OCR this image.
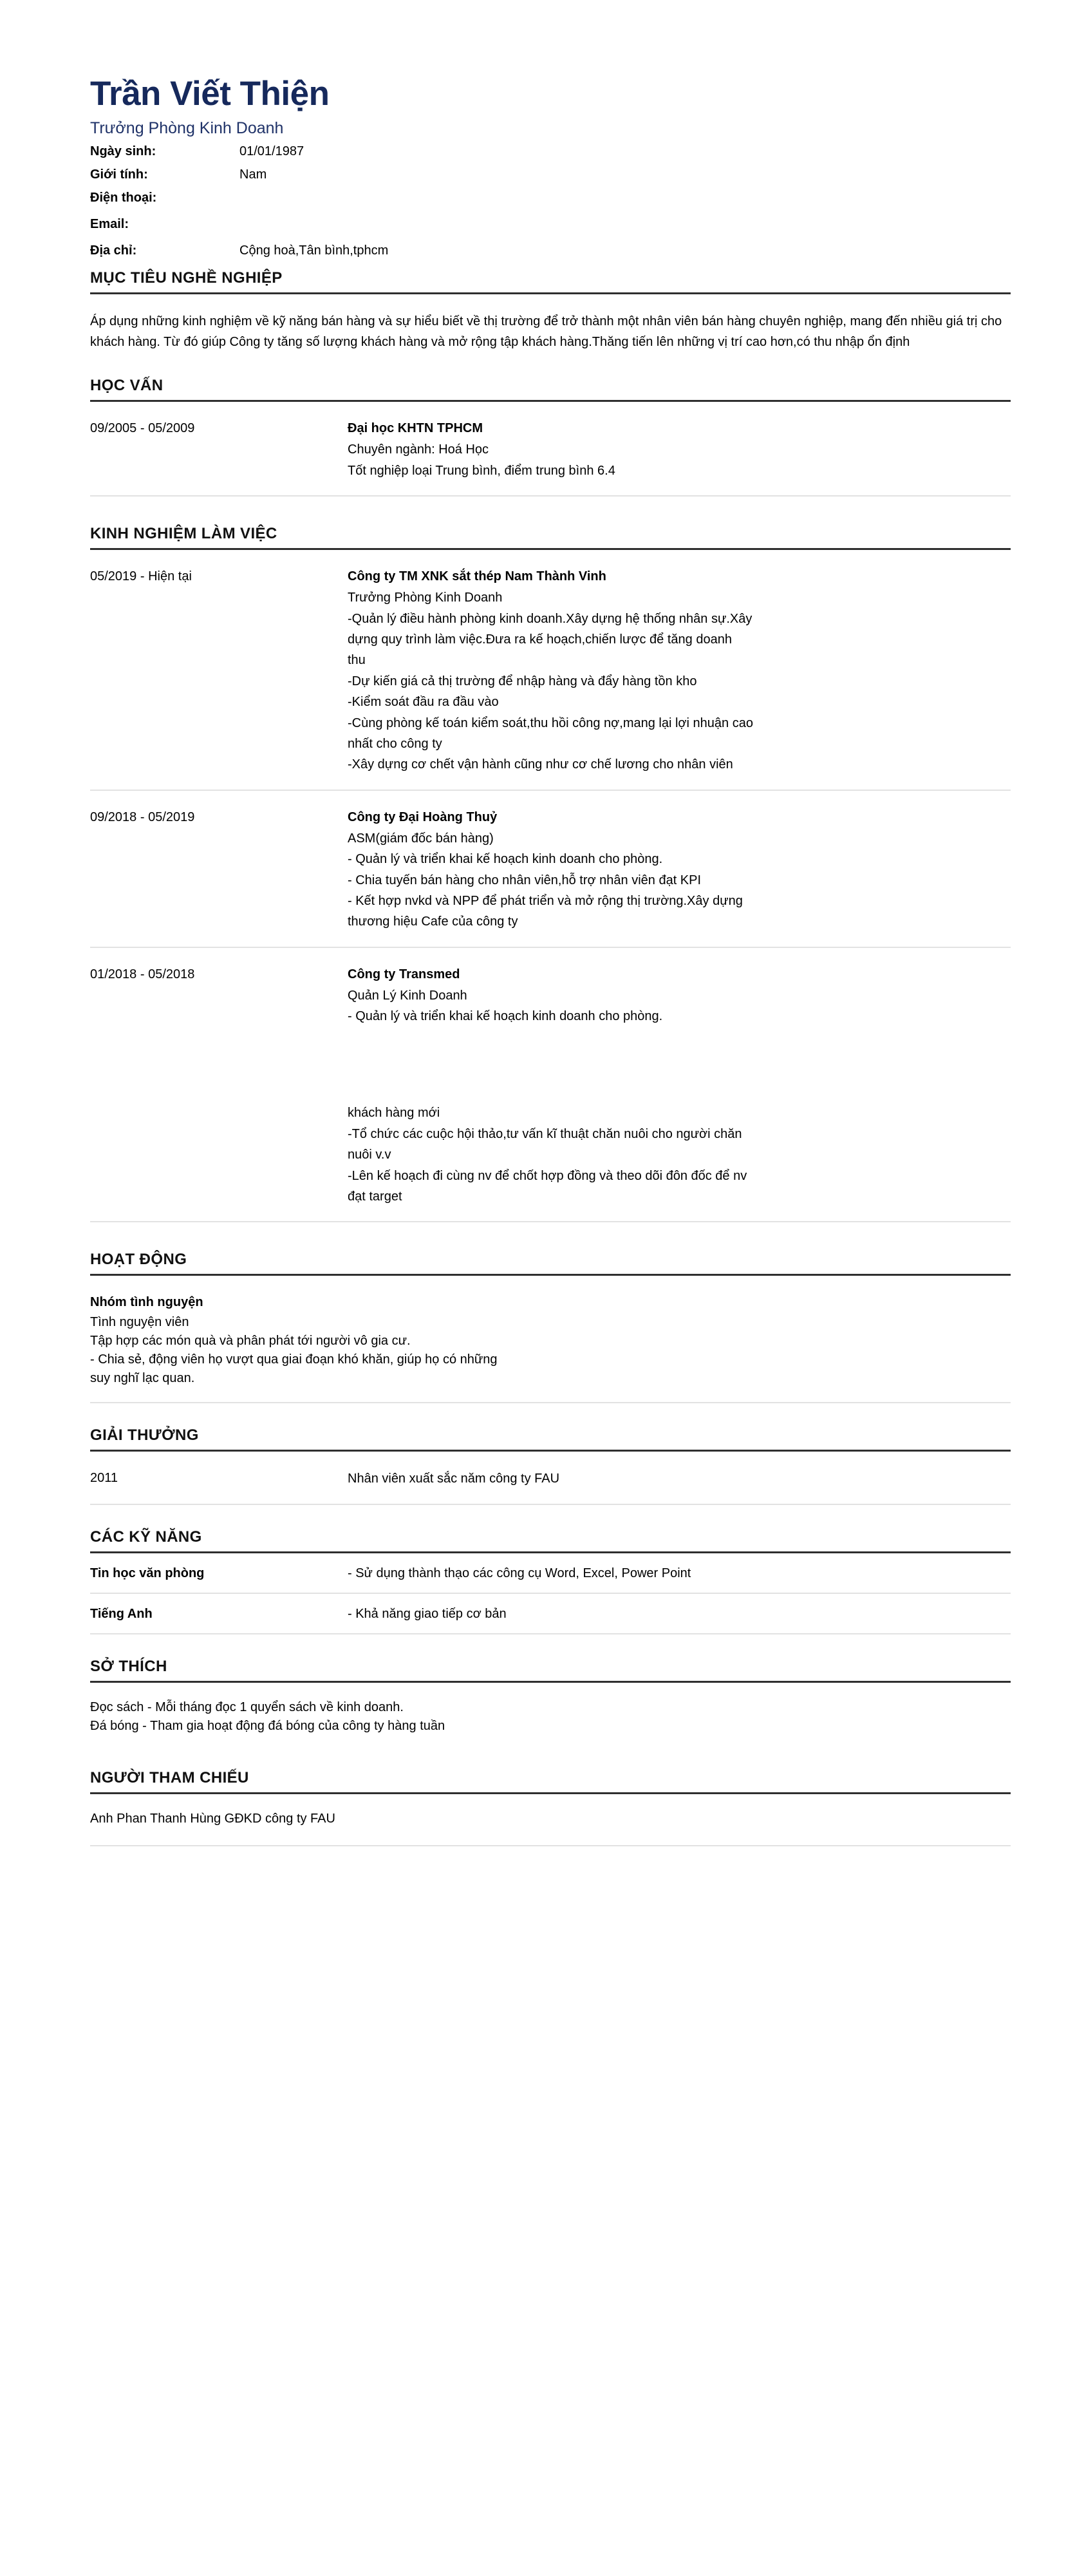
Trần Viết Thiện
Trưởng Phòng Kinh Doanh
Ngày sinh:	01/01/1987
Giới tính:	Nam
Điện thoại:	
Email:	
Địa chỉ:	Cộng hoà,Tân bình,tphcm
MỤC TIÊU NGHỀ NGHIỆP
Áp dụng những kinh nghiệm về kỹ năng bán hàng và sự hiểu biết về thị trường để trở thành một nhân viên bán hàng chuyên nghiệp, mang đến nhiều giá trị cho khách hàng. Từ đó giúp Công ty tăng số lượng khách hàng và mở rộng tập khách hàng.Thăng tiến lên những vị trí cao hơn,có thu nhập ổn định
HỌC VẤN
09/2005 - 05/2009	Đại học KHTN TPHCM
Chuyên ngành: Hoá Học
Tốt nghiệp loại Trung bình, điểm trung bình 6.4
KINH NGHIỆM LÀM VIỆC
05/2019 - Hiện tại	Công ty TM XNK sắt thép Nam Thành Vinh
Trưởng Phòng Kinh Doanh
-Quản lý điều hành phòng kinh doanh.Xây dựng hệ thống nhân sự.Xây
dựng quy trình làm việc.Đưa ra kế hoạch,chiến lược để tăng doanh
thu
-Dự kiến giá cả thị trường để nhập hàng và đẩy hàng tồn kho
-Kiểm soát đầu ra đầu vào
-Cùng phòng kế toán kiểm soát,thu hồi công nợ,mang lại lợi nhuận cao
nhất cho công ty
-Xây dựng cơ chết vận hành cũng như cơ chế lương cho nhân viên
09/2018 - 05/2019	Công ty Đại Hoàng Thuỷ
ASM(giám đốc bán hàng)
- Quản lý và triển khai kế hoạch kinh doanh cho phòng.
- Chia tuyến bán hàng cho nhân viên,hỗ trợ nhân viên đạt KPI
- Kết hợp nvkd và NPP để phát triển và mở rộng thị trường.Xây dựng
thương hiệu Cafe của công ty
01/2018 - 05/2018	Công ty Transmed
Quản Lý Kinh Doanh
- Quản lý và triển khai kế hoạch kinh doanh cho phòng.
khách hàng mới
-Tổ chức các cuộc hội thảo,tư vấn kĩ thuật chăn nuôi cho người chăn
nuôi v.v
-Lên kế hoạch đi cùng nv để chốt hợp đồng và theo dõi đôn đốc để nv
đạt target
HOẠT ĐỘNG
Nhóm tình nguyện
Tình nguyện viên
Tập hợp các món quà và phân phát tới người vô gia cư.
- Chia sẻ, động viên họ vượt qua giai đoạn khó khăn, giúp họ có những
suy nghĩ lạc quan.
GIẢI THƯỞNG
2011	Nhân viên xuất sắc năm công ty FAU
CÁC KỸ NĂNG
Tin học văn phòng	- Sử dụng thành thạo các công cụ Word, Excel, Power Point
Tiếng Anh	- Khả năng giao tiếp cơ bản
SỞ THÍCH
Đọc sách - Mỗi tháng đọc 1 quyển sách về kinh doanh.
Đá bóng - Tham gia hoạt động đá bóng của công ty hàng tuần
NGƯỜI THAM CHIẾU
Anh Phan Thanh Hùng GĐKD công ty FAU
